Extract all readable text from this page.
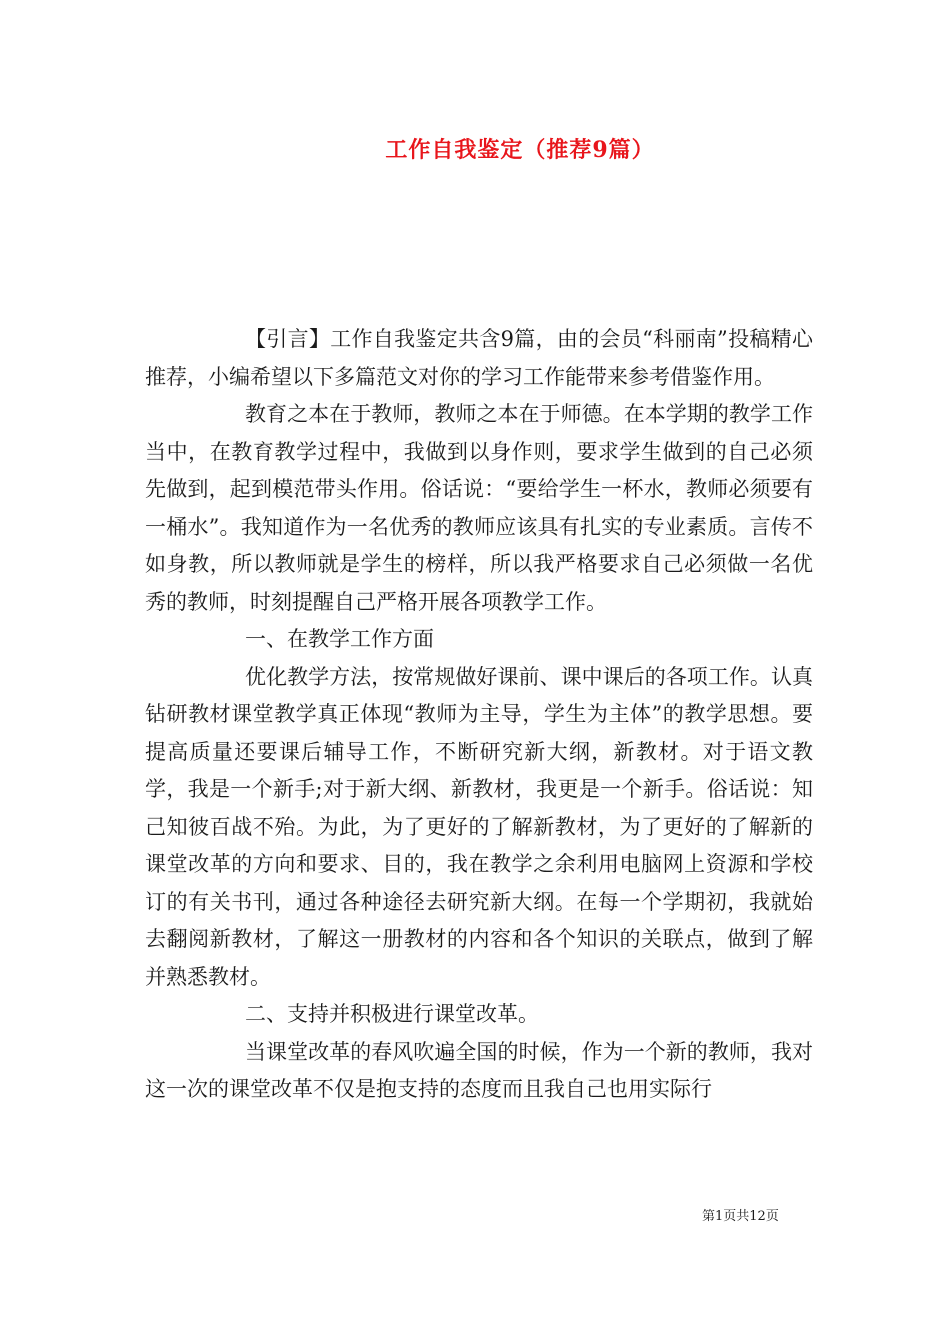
工作自我鉴定（推荐9篇）

【引言】工作自我鉴定共含9篇，由的会员“科丽南”投稿精心推荐，小编希望以下多篇范文对你的学习工作能带来参考借鉴作用。

教育之本在于教师，教师之本在于师德。在本学期的教学工作当中，在教育教学过程中，我做到以身作则，要求学生做到的自己必须先做到，起到模范带头作用。俗话说：“要给学生一杯水，教师必须要有一桶水”。我知道作为一名优秀的教师应该具有扎实的专业素质。言传不如身教，所以教师就是学生的榜样，所以我严格要求自己必须做一名优秀的教师，时刻提醒自己严格开展各项教学工作。

一、在教学工作方面

优化教学方法，按常规做好课前、课中课后的各项工作。认真钻研教材课堂教学真正体现“教师为主导，学生为主体”的教学思想。要提高质量还要课后辅导工作，不断研究新大纲，新教材。对于语文教学，我是一个新手;对于新大纲、新教材，我更是一个新手。俗话说：知己知彼百战不殆。为此，为了更好的了解新教材，为了更好的了解新的课堂改革的方向和要求、目的，我在教学之余利用电脑网上资源和学校订的有关书刊，通过各种途径去研究新大纲。在每一个学期初，我就始去翻阅新教材，了解这一册教材的内容和各个知识的关联点，做到了解并熟悉教材。

二、支持并积极进行课堂改革。

当课堂改革的春风吹遍全国的时候，作为一个新的教师，我对这一次的课堂改革不仅是抱支持的态度而且我自己也用实际行

第1页共12页
